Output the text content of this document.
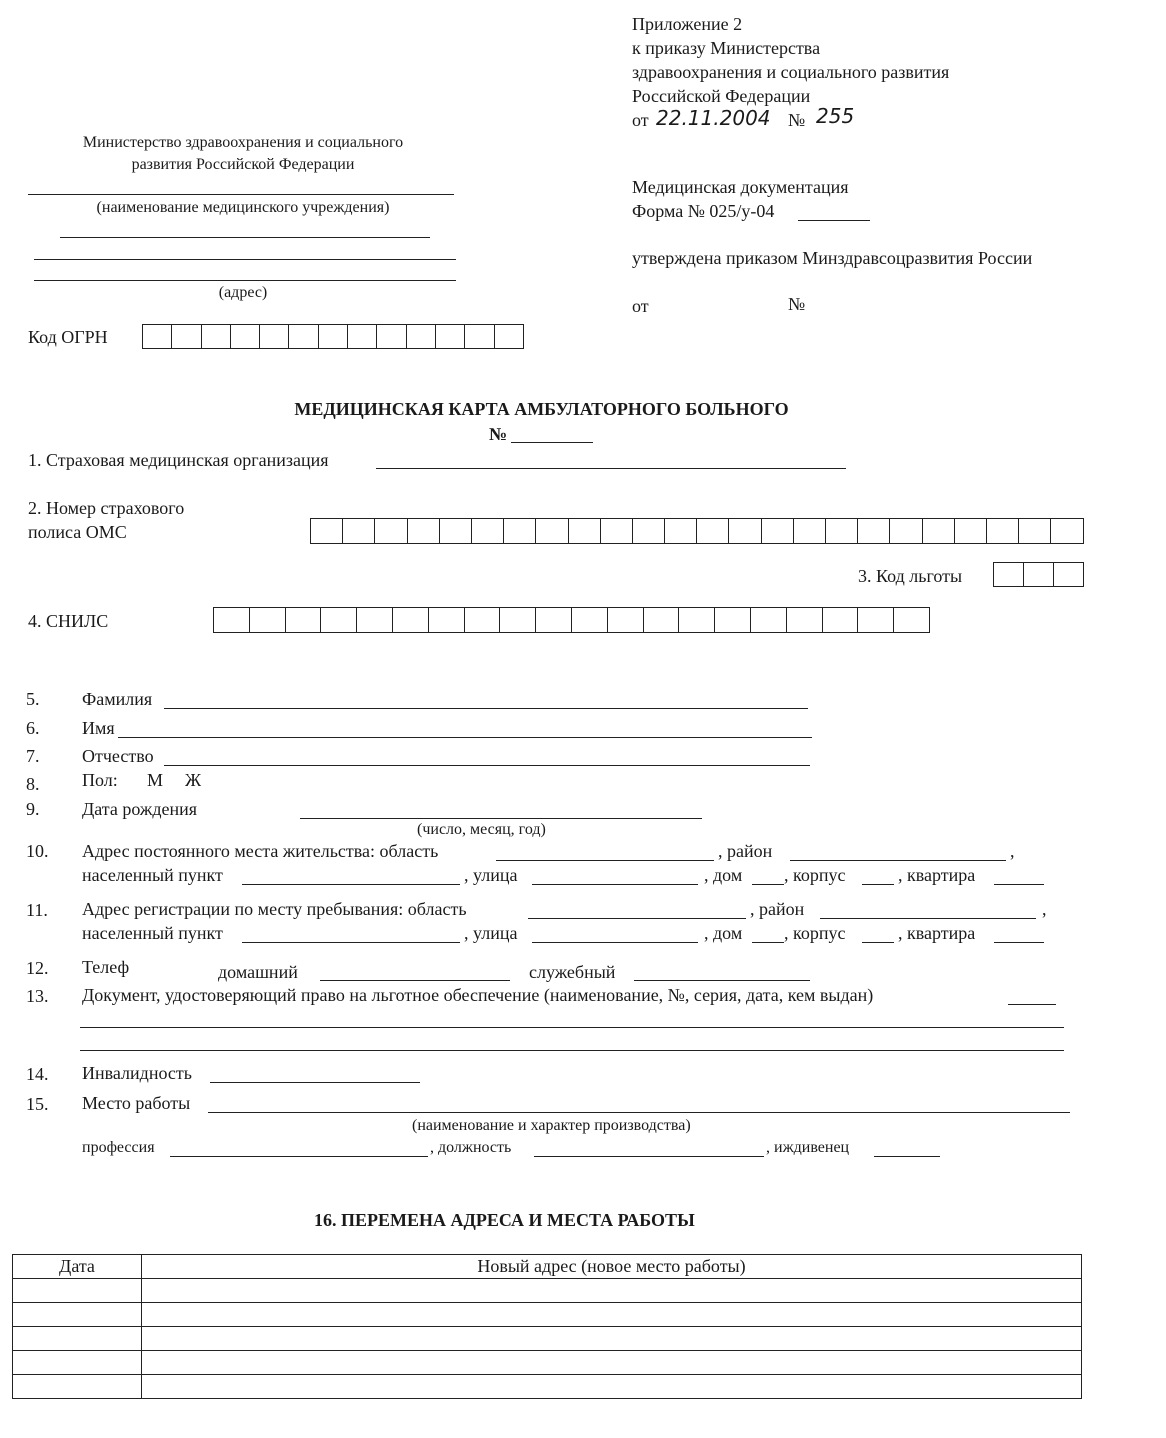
Приложение 2
к приказу Министерства
здравоохранения и социального развития
Российской Федерации
от 22.11.2004 № 255
Министерство здравоохранения и социального
развития Российской Федерации
(наименование медицинского учреждения)
(адрес)
Код ОГРН
Медицинская документация
Форма № 025/у-04
утверждена приказом Минздравсоцразвития России
от	№
МЕДИЦИНСКАЯ КАРТА АМБУЛАТОРНОГО БОЛЬНОГО
№
1. Страховая медицинская организация
2. Номер страхового
полиса ОМС
3. Код льготы
4. СНИЛС
5. Фамилия
6. Имя
7. Отчество
8. Пол: М Ж
9. Дата рождения
(число, месяц, год)
10. Адрес постоянного места жительства: область	, район	,
населенный пункт	, улица	, дом , корпус	, квартира
11. Адрес регистрации по месту пребывания: область	, район	,
населенный пункт	, улица	, дом , корпус	, квартира
12. Телеф	домашний	служебный
13. Документ, удостоверяющий право на льготное обеспечение (наименование, №, серия, дата, кем выдан)
14. Инвалидность
15. Место работы
(наименование и характер производства)
профессия	, должность	, иждивенец
16. ПЕРЕМЕНА АДРЕСА И МЕСТА РАБОТЫ
Дата	Новый адрес (новое место работы)
